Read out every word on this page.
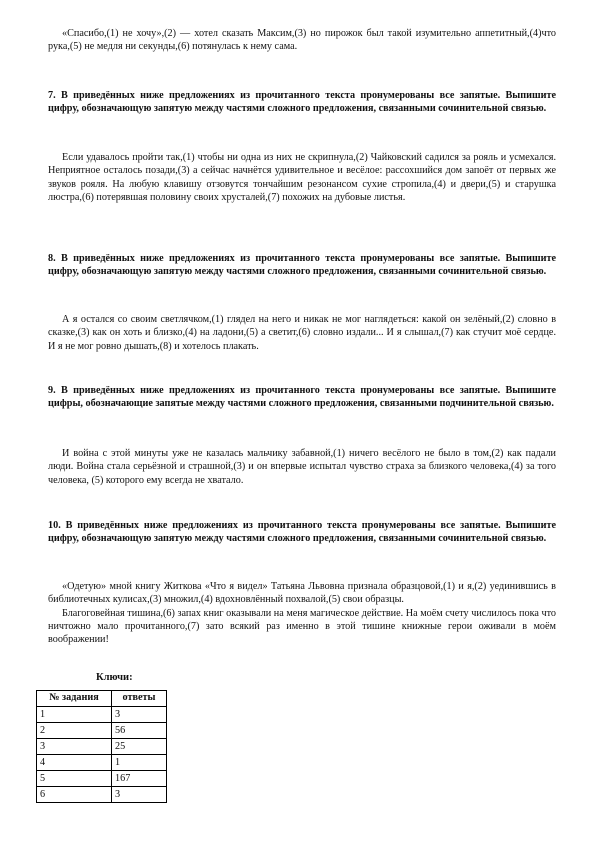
«Спасибо,(1) не хочу»,(2) — хотел сказать Максим,(3) но пирожок был такой изумительно аппетитный,(4)что рука,(5) не медля ни секунды,(6) потянулась к нему сама.

7. В приведённых ниже предложениях из прочитанного текста пронумерованы все запятые. Выпишите цифру, обозначающую запятую между частями сложного предложения, связанными сочинительной связью.

Если удавалось пройти так,(1) чтобы ни одна из них не скрипнула,(2) Чайковский садился за рояль и усмехался. Неприятное осталось позади,(3) а сейчас начнётся удивительное и весёлое: рассохшийся дом запоёт от первых же звуков рояля. На любую клавишу отзовутся тончайшим резонансом сухие стропила,(4) и двери,(5) и старушка люстра,(6) потерявшая половину своих хрусталей,(7) похожих на дубовые листья.

8. В приведённых ниже предложениях из прочитанного текста пронумерованы все запятые. Выпишите цифру, обозначающую запятую между частями сложного предложения, связанными сочинительной связью.

А я остался со своим светлячком,(1) глядел на него и никак не мог наглядеться: какой он зелёный,(2) словно в сказке,(3) как он хоть и близко,(4) на ладони,(5) а светит,(6) словно издали... И я слышал,(7) как стучит моё сердце. И я не мог ровно дышать,(8) и хотелось плакать.

9. В приведённых ниже предложениях из прочитанного текста пронумерованы все запятые. Выпишите цифры, обозначающие запятые между частями сложного предложения, связанными подчинительной связью.

И война с этой минуты уже не казалась мальчику забавной,(1) ничего весёлого не было в том,(2) как падали люди. Война стала серьёзной и страшной,(3) и он впервые испытал чувство страха за близкого человека,(4) за того человека, (5) которого ему всегда не хватало.

10. В приведённых ниже предложениях из прочитанного текста пронумерованы все запятые. Выпишите цифру, обозначающую запятую между частями сложного предложения, связанными сочинительной связью.

«Одетую» мной книгу Житкова «Что я видел» Татьяна Львовна признала образцовой,(1) и я,(2) уединившись в библиотечных кулисах,(3) множил,(4) вдохновлённый похвалой,(5) свои образцы.

Благоговейная тишина,(6) запах книг оказывали на меня магическое действие. На моём счету числилось пока что ничтожно мало прочитанного,(7) зато всякий раз именно в этой тишине книжные герои оживали в моём воображении!

Ключи:
№ задания	ответы
1	3
2	56
3	25
4	1
5	167
6	3
